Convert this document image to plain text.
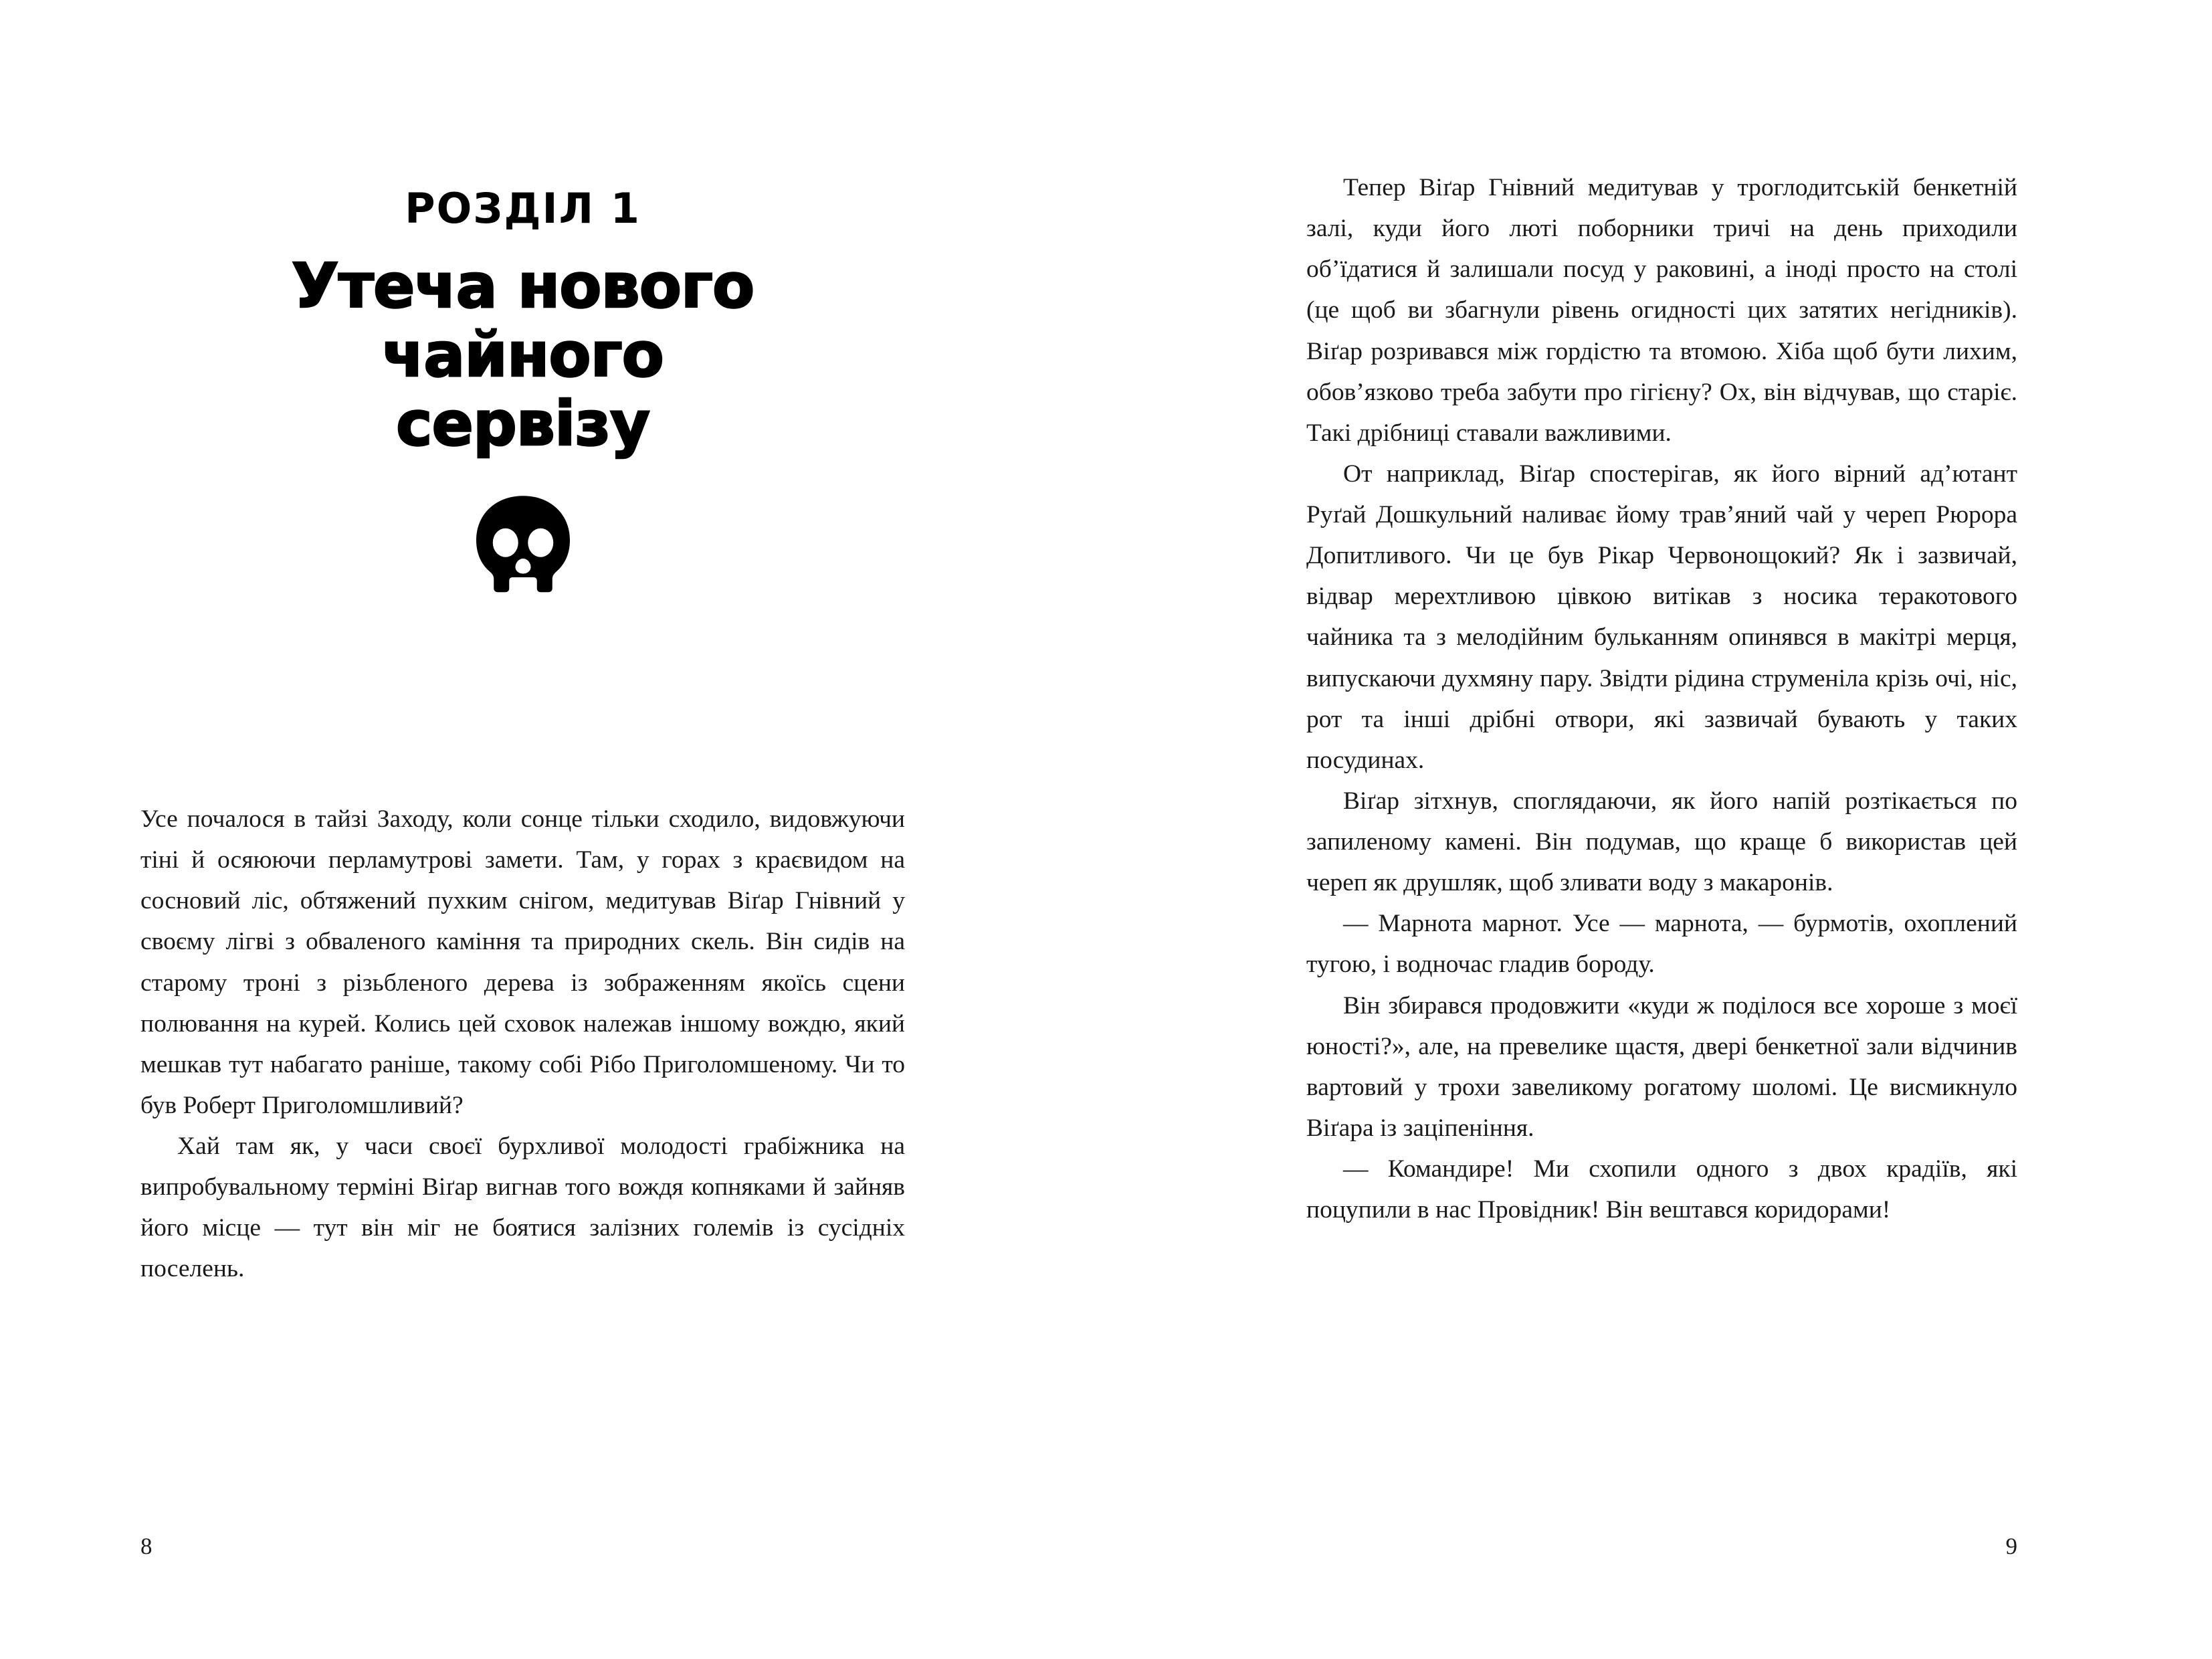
РОЗДІЛ 1
Утеча нового
чайного
сервізу

Усе почалося в тайзі Заходу, коли сонце тільки сходило, видовжуючи тіні й осяюючи перламутрові замети. Там, у горах з краєвидом на сосновий ліс, обтяжений пухким снігом, медитував Віґар Гнівний у своєму лігві з обваленого каміння та природних скель. Він сидів на старому троні з різьбленого дерева із зображенням якоїсь сцени полювання на курей. Колись цей сховок належав іншому вождю, який мешкав тут набагато раніше, такому собі Рібо Приголомшеному. Чи то був Роберт Приголомшливий?

Хай там як, у часи своєї бурхливої молодості грабіжника на випробувальному терміні Віґар вигнав того вождя копняками й зайняв його місце — тут він міг не боятися залізних големів із сусідніх поселень.

8

Тепер Віґар Гнівний медитував у троглодитській бенкетній залі, куди його люті поборники тричі на день приходили об’їдатися й залишали посуд у раковині, а іноді просто на столі (це щоб ви збагнули рівень огидності цих затятих негідників). Віґар розривався між гордістю та втомою. Хіба щоб бути лихим, обов’язково треба забути про гігієну? Ох, він відчував, що старіє. Такі дрібниці ставали важливими.

От наприклад, Віґар спостерігав, як його вірний ад’ютант Руґай Дошкульний наливає йому трав’яний чай у череп Рюрора Допитливого. Чи це був Рікар Червонощокий? Як і зазвичай, відвар мерехтливою цівкою витікав з носика теракотового чайника та з мелодійним бульканням опинявся в макітрі мерця, випускаючи духмяну пару. Звідти рідина струменіла крізь очі, ніс, рот та інші дрібні отвори, які зазвичай бувають у таких посудинах.

Віґар зітхнув, споглядаючи, як його напій розтікається по запиленому камені. Він подумав, що краще б використав цей череп як друшляк, щоб зливати воду з макаронів.

— Марнота марнот. Усе — марнота, — бурмотів, охоплений тугою, і водночас гладив бороду.

Він збирався продовжити «куди ж поділося все хороше з моєї юності?», але, на превелике щастя, двері бенкетної зали відчинив вартовий у трохи завеликому рогатому шоломі. Це висмикнуло Віґара із заціпеніння.

— Командире! Ми схопили одного з двох крадіїв, які поцупили в нас Провідник! Він вештався коридорами!

9
